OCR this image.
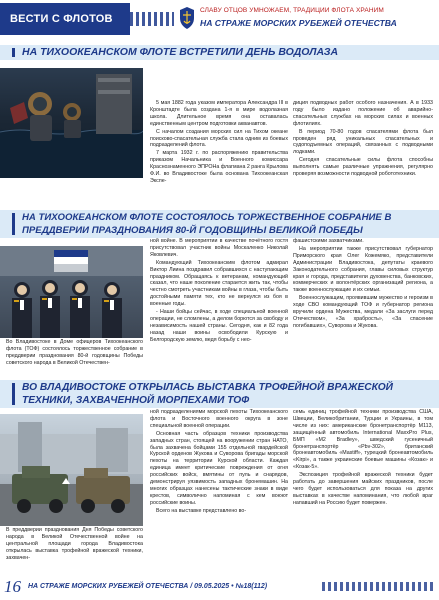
ВЕСТИ С ФЛОТОВ
СЛАВУ ОТЦОВ УМНОЖАЕМ, ТРАДИЦИИ ФЛОТА ХРАНИМ
НА СТРАЖЕ МОРСКИХ РУБЕЖЕЙ ОТЕЧЕСТВА
НА ТИХООКЕАНСКОМ ФЛОТЕ ВСТРЕТИЛИ ДЕНЬ ВОДОЛАЗА

5 мая 1882 года указом императора Александра III в Кронштадте была создана 1-я в мире водолазная школа. Длительное время она оставалась единственным центром подготовки акванавтов.

С началом создания морских сил на Тихом океане поисково-спасательная служба стала одним из боевых подразделений флота.

7 марта 1932 г. по распоряжению правительства приказом Начальника и Военного комиссара Краснознаменного ЭПРОНа флагмана 2 ранга Крылова Ф.И. во Владивостоке была основана Тихоокеанская Экспе-

диция подводных работ особого назначения. А в 1933 году было издано положение об аварийно-спасательных службах на морских силах и военных флотилиях.

В период 70-80 годов спасателями флота был проведен ряд уникальных спасательных и судоподъемных операций, связанных с подводными лодками.

Сегодня спасательные силы флота способны выполнять самые различные упражнения, регулярно проверяя возможности подводной робототехники.

НА ТИХООКЕАНСКОМ ФЛОТЕ СОСТОЯЛОСЬ ТОРЖЕСТВЕННОЕ СОБРАНИЕ В ПРЕДДВЕРИИ ПРАЗДНОВАНИЯ 80-Й ГОДОВЩИНЫ ВЕЛИКОЙ ПОБЕДЫ
Во Владивостоке в Доме офицеров Тихоокеанского флота (ТОФ) состоялось торжественное собрание в преддверии празднования 80-й годовщины Победы советского народа в Великой Отечествен-

ной войне. В мероприятии в качестве почётного гостя присутствовал участник войны Москаленко Николай Яковлевич.

Командующий Тихоокеанским флотом адмирал Виктор Лиина поздравил собравшихся с наступающим праздником. Обращаясь к ветеранам, командующий сказал, что наше поколение старается жить так, чтобы честно смотреть участникам войны в глаза, чтобы быть достойными памяти тех, кто не вернулся из боя в военные годы.

- Наши бойцы сейчас, в ходе специальной военной операции, не сломлены, а делом борются за свободу и независимость нашей страны. Сегодня, как и 82 года назад наши воины освободили Курскую и Белгородскую землю, ведя борьбу с нео-

фашистскими захватчиками.

На мероприятии также присутствовал губернатор Приморского края Олег Кожемяко, представители Администрации Владивостока, депутаты краевого Законодательного собрания, главы силовых структур края и города, представители духовенства, банковских, коммерческих и волонтёрских организаций региона, а также военнослужащие и их семьи.

Военнослужащим, проявившим мужество и героизм в ходе СВО командующий ТОФ и губернатор региона вручили ордена Мужества, медали «За заслуги перед Отечеством», «За храбрость», «За спасение погибавших», Суворова и Жукова.

ВО ВЛАДИВОСТОКЕ ОТКРЫЛАСЬ ВЫСТАВКА ТРОФЕЙНОЙ ВРАЖЕСКОЙ ТЕХНИКИ, ЗАХВАЧЕННОЙ МОРПЕХАМИ ТОФ
В преддверии празднования Дня Победы советского народа в Великой Отечественной войне на центральной площади города Владивостока открылась выставка трофейной вражеской техники, захвачен-

ной подразделениями морской пехоты Тихоокеанского флота и Восточного военного округа в зоне специальной военной операции.

Основная часть образцов техники производства западных стран, стоящей на вооружении стран НАТО, была захвачена бойцами 155 отдельной гвардейской Курской орденов Жукова и Суворова бригады морской пехоты на территории Курской области. Каждая единица имеет критические повреждения от огня российских войск, вмятины от пуль и снарядов, демонстрируя уязвимость западных бронемашин. На многих образцах нанесены тактические знаки в виде крестов, символично напоминая с кем воюют российские воины.

Всего на выставке представлено во-

семь единиц трофейной техники производства США, Швеции, Великобритании, Турции и Украины, в том числе из них: американские бронетранспортёр М113, защищённый автомобиль International MaxxPro Plus, БМП «M2 Bradley», шведский гусеничный бронетранспортёр «Pbv-302», британский бронеавтомобиль «Mastiff», турецкий бронеавтомобиль «Kirpi», а также украинские боевые машины «Козак» и «Козак-5».

Экспозиция трофейной вражеской техники будет работать до завершения майских праздников, после чего будет использоваться для показа на других выставках в качестве напоминания, что любой враг напавший на Россию будет повержен.

16 НА СТРАЖЕ МОРСКИХ РУБЕЖЕЙ ОТЕЧЕСТВА / 09.05.2025 • №18(112)
